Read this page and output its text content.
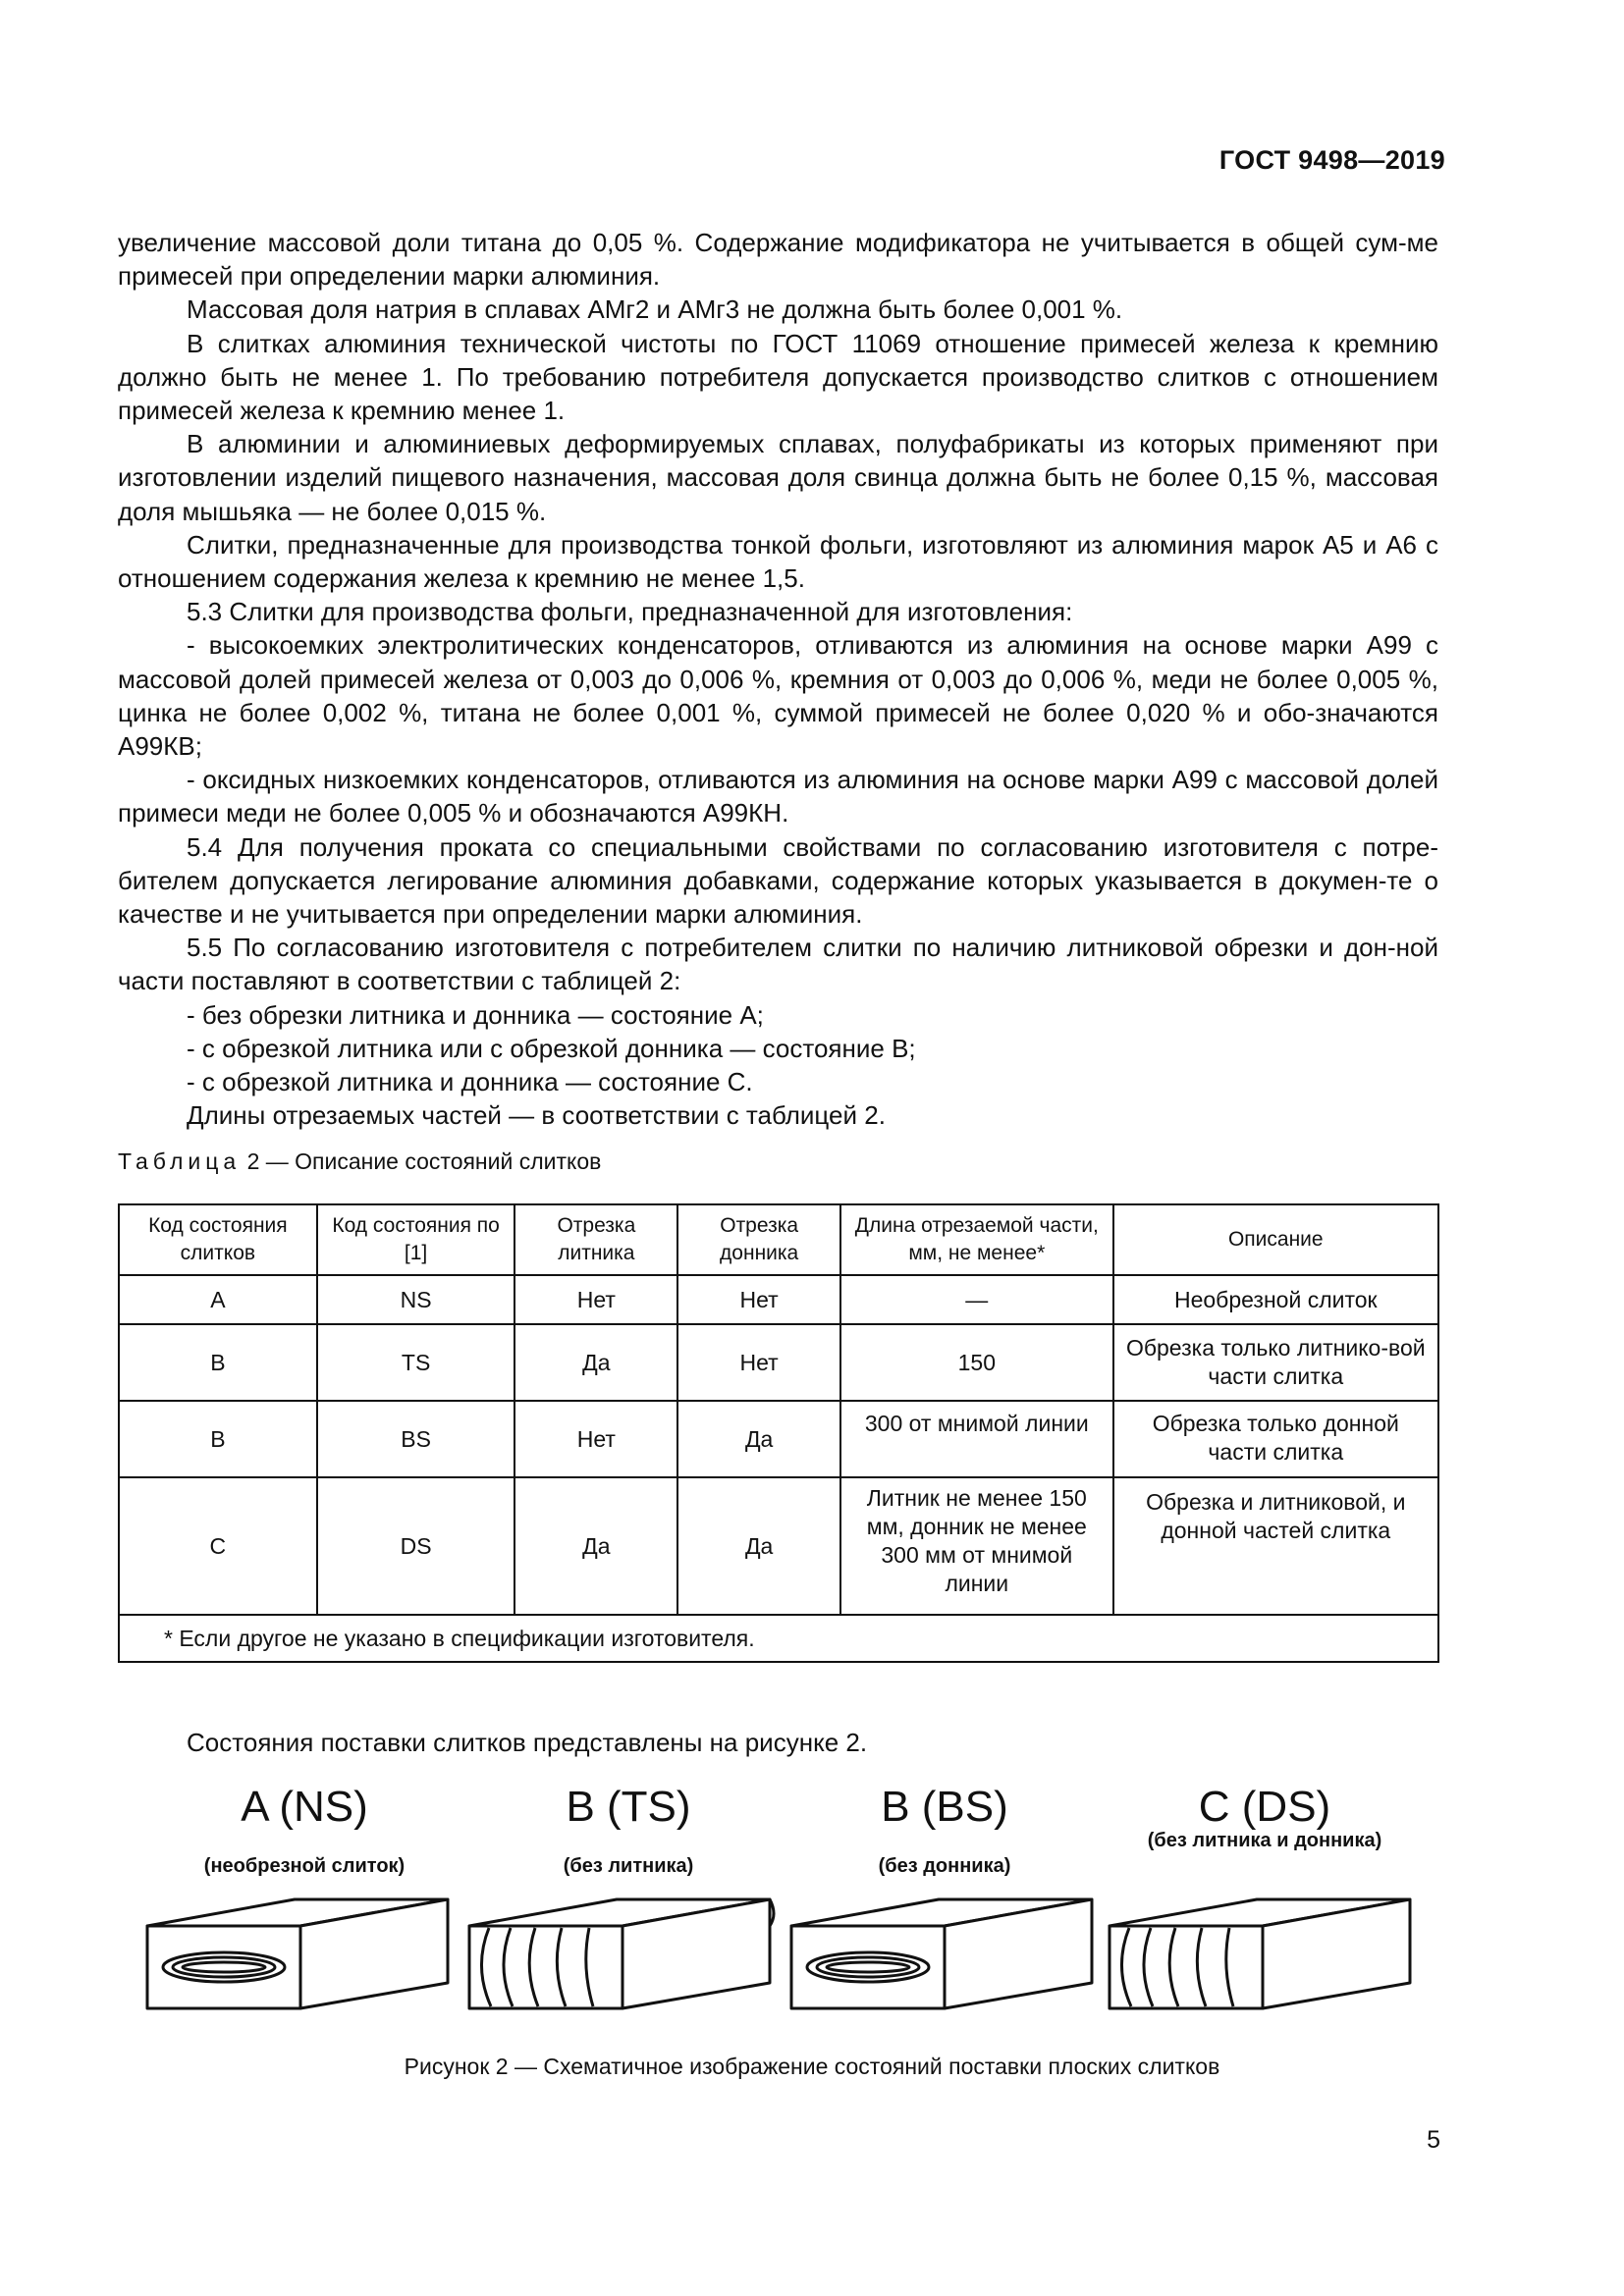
ГОСТ 9498—2019

увеличение массовой доли титана до 0,05 %. Содержание модификатора не учитывается в общей сум-ме примесей при определении марки алюминия.

Массовая доля натрия в сплавах АМг2 и АМг3 не должна быть более 0,001 %.

В слитках алюминия технической чистоты по ГОСТ 11069 отношение примесей железа к кремнию должно быть не менее 1. По требованию потребителя допускается производство слитков с отношением примесей железа к кремнию менее 1.

В алюминии и алюминиевых деформируемых сплавах, полуфабрикаты из которых применяют при изготовлении изделий пищевого назначения, массовая доля свинца должна быть не более 0,15 %, массовая доля мышьяка — не более 0,015 %.

Слитки, предназначенные для производства тонкой фольги, изготовляют из алюминия марок А5 и А6 с отношением содержания железа к кремнию не менее 1,5.

5.3 Слитки для производства фольги, предназначенной для изготовления:

- высокоемких электролитических конденсаторов, отливаются из алюминия на основе марки А99 с массовой долей примесей железа от 0,003 до 0,006 %, кремния от 0,003 до 0,006 %, меди не более 0,005 %, цинка не более 0,002 %, титана не более 0,001 %, суммой примесей не более 0,020 % и обо-значаются А99КВ;

- оксидных низкоемких конденсаторов, отливаются из алюминия на основе марки А99 с массовой долей примеси меди не более 0,005 % и обозначаются А99КН.

5.4 Для получения проката со специальными свойствами по согласованию изготовителя с потре-бителем допускается легирование алюминия добавками, содержание которых указывается в докумен-те о качестве и не учитывается при определении марки алюминия.

5.5 По согласованию изготовителя с потребителем слитки по наличию литниковой обрезки и дон-ной части поставляют в соответствии с таблицей 2:

- без обрезки литника и донника — состояние А;

- с обрезкой литника или с обрезкой донника — состояние В;

- с обрезкой литника и донника — состояние С.

Длины отрезаемых частей — в соответствии с таблицей 2.

Таблица 2 — Описание состояний слитков
Код состояния слитков	Код состояния по [1]	Отрезка литника	Отрезка донника	Длина отрезаемой части, мм, не менее*	Описание
А	NS	Нет	Нет	—	Необрезной слиток
В	TS	Да	Нет	150	Обрезка только литнико-вой части слитка
В	BS	Нет	Да	300 от мнимой линии	Обрезка только донной части слитка
С	DS	Да	Да	Литник не менее 150 мм, донник не менее 300 мм от мнимой линии	Обрезка и литниковой, и донной частей слитка
* Если другое не указано в спецификации изготовителя.					
Состояния поставки слитков представлены на рисунке 2.
A (NS)
(необрезной слиток)
B (TS)
(без литника)
B (BS)
(без донника)
C (DS)
(без литника и донника)
Рисунок 2 — Схематичное изображение состояний поставки плоских слитков
5
